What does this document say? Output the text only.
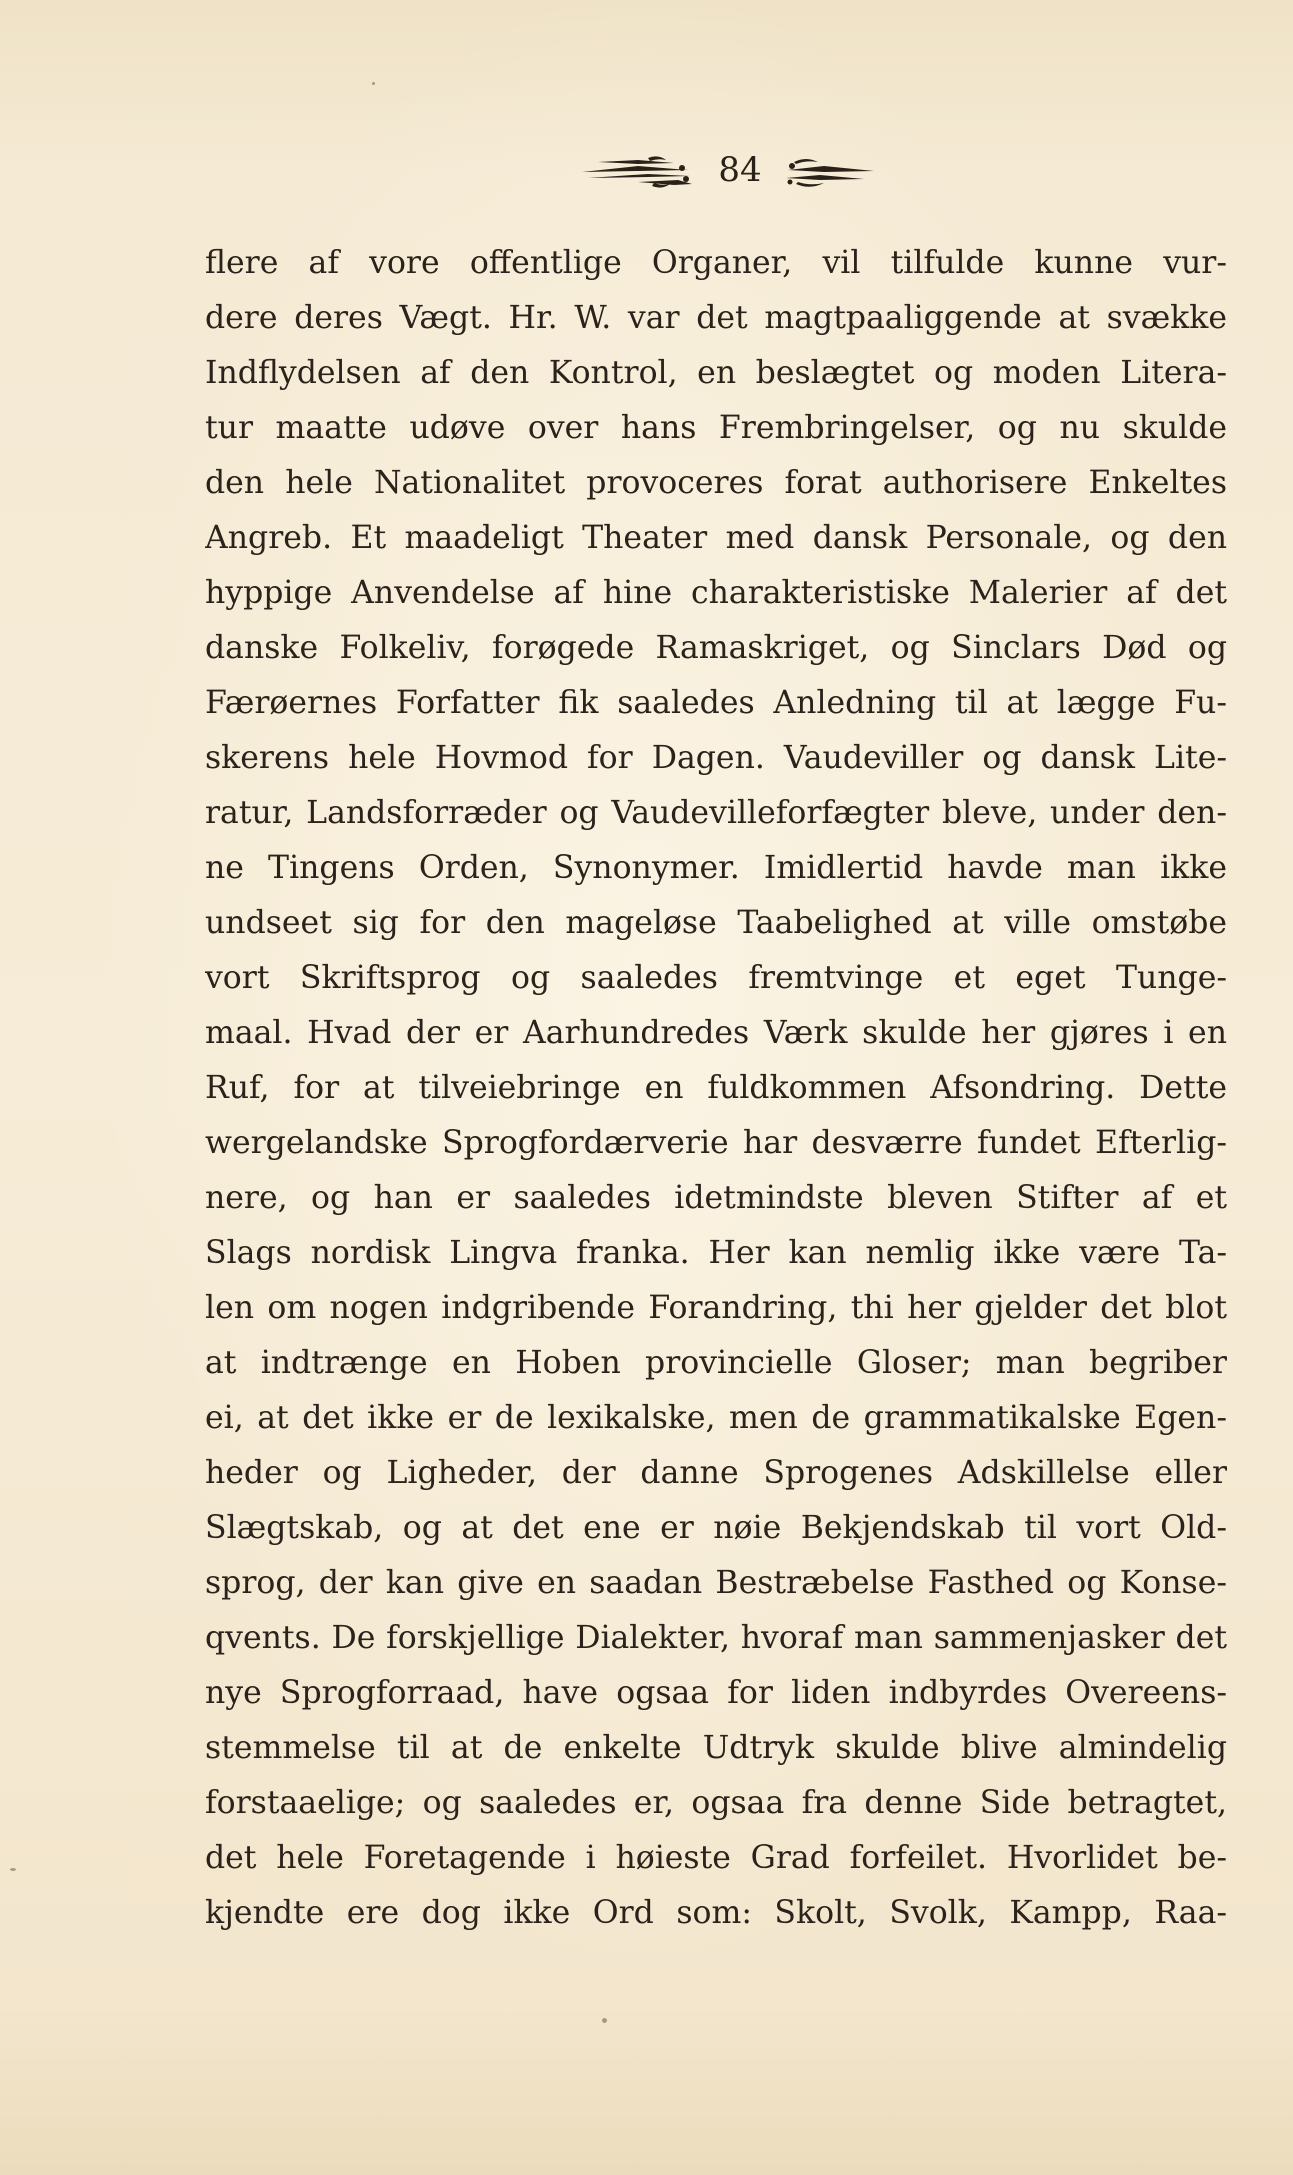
84
flere af vore offentlige Organer, vil tilfulde kunne vur-
dere deres Vægt. Hr. W. var det magtpaaliggende at svække
Indflydelsen af den Kontrol, en beslægtet og moden Litera-
tur maatte udøve over hans Frembringelser, og nu skulde
den hele Nationalitet provoceres forat authorisere Enkeltes
Angreb. Et maadeligt Theater med dansk Personale, og den
hyppige Anvendelse af hine charakteristiske Malerier af det
danske Folkeliv, forøgede Ramaskriget, og Sinclars Død og
Færøernes Forfatter fik saaledes Anledning til at lægge Fu-
skerens hele Hovmod for Dagen. Vaudeviller og dansk Lite-
ratur, Landsforræder og Vaudevilleforfægter bleve, under den-
ne Tingens Orden, Synonymer. Imidlertid havde man ikke
undseet sig for den mageløse Taabelighed at ville omstøbe
vort Skriftsprog og saaledes fremtvinge et eget Tunge-
maal. Hvad der er Aarhundredes Værk skulde her gjøres i en
Ruf, for at tilveiebringe en fuldkommen Afsondring. Dette
wergelandske Sprogfordærverie har desværre fundet Efterlig-
nere, og han er saaledes idetmindste bleven Stifter af et
Slags nordisk Lingva franka. Her kan nemlig ikke være Ta-
len om nogen indgribende Forandring, thi her gjelder det blot
at indtrænge en Hoben provincielle Gloser; man begriber
ei, at det ikke er de lexikalske, men de grammatikalske Egen-
heder og Ligheder, der danne Sprogenes Adskillelse eller
Slægtskab, og at det ene er nøie Bekjendskab til vort Old-
sprog, der kan give en saadan Bestræbelse Fasthed og Konse-
qvents. De forskjellige Dialekter, hvoraf man sammenjasker det
nye Sprogforraad, have ogsaa for liden indbyrdes Overeens-
stemmelse til at de enkelte Udtryk skulde blive almindelig
forstaaelige; og saaledes er, ogsaa fra denne Side betragtet,
det hele Foretagende i høieste Grad forfeilet. Hvorlidet be-
kjendte ere dog ikke Ord som: Skolt, Svolk, Kampp, Raa-
